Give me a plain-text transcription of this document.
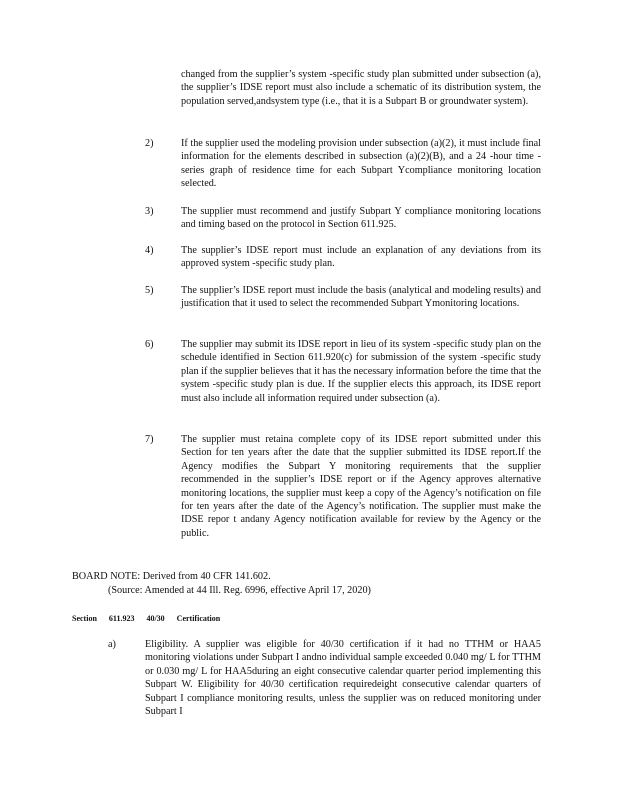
changed from the supplier’s system -specific study plan submitted under subsection (a), the supplier’s IDSE report must also include a schematic of its distribution system, the population served,andsystem type (i.e., that it is a Subpart B or groundwater system).

2)	If the supplier used the modeling provision under subsection (a)(2), it must include final information for the elements described in subsection (a)(2)(B), and a 24 -hour time -series graph of residence time for each Subpart Ycompliance monitoring location selected.
3)	The supplier must recommend and justify Subpart Y compliance monitoring locations and timing based on the protocol in Section 611.925.
4)	The supplier’s IDSE report must include an explanation of any deviations from its approved system -specific study plan.
5)	The supplier’s IDSE report must include the basis (analytical and modeling results) and justification that it used to select the recommended Subpart Ymonitoring locations.
6)	The supplier may submit its IDSE report in lieu of its system -specific study plan on the schedule identified in Section 611.920(c) for submission of the system -specific study plan if the supplier believes that it has the necessary information before the time that the system -specific study plan is due. If the supplier elects this approach, its IDSE report must also include all information required under subsection (a).
7)	The supplier must retaina complete copy of its IDSE report submitted under this Section for ten years after the date that the supplier submitted its IDSE report.If the Agency modifies the Subpart Y monitoring requirements that the supplier recommended in the supplier’s IDSE report or if the Agency approves alternative monitoring locations, the supplier must keep a copy of the Agency’s notification on file for ten years after the date of the Agency’s notification. The supplier must make the IDSE repor t andany Agency notification available for review by the Agency or the public.
BOARD NOTE: Derived from 40 CFR 141.602.
(Source: Amended at 44 Ill. Reg. 6996, effective April 17, 2020)
Section 611.923 40/30 Certification
a)	Eligibility. A supplier was eligible for 40/30 certification if it had no TTHM or HAA5 monitoring violations under Subpart I andno individual sample exceeded 0.040 mg/ L for TTHM or 0.030 mg/ L for HAA5during an eight consecutive calendar quarter period implementing this Subpart W. Eligibility for 40/30 certification requiredeight consecutive calendar quarters of Subpart I compliance monitoring results, unless the supplier was on reduced monitoring under Subpart I
